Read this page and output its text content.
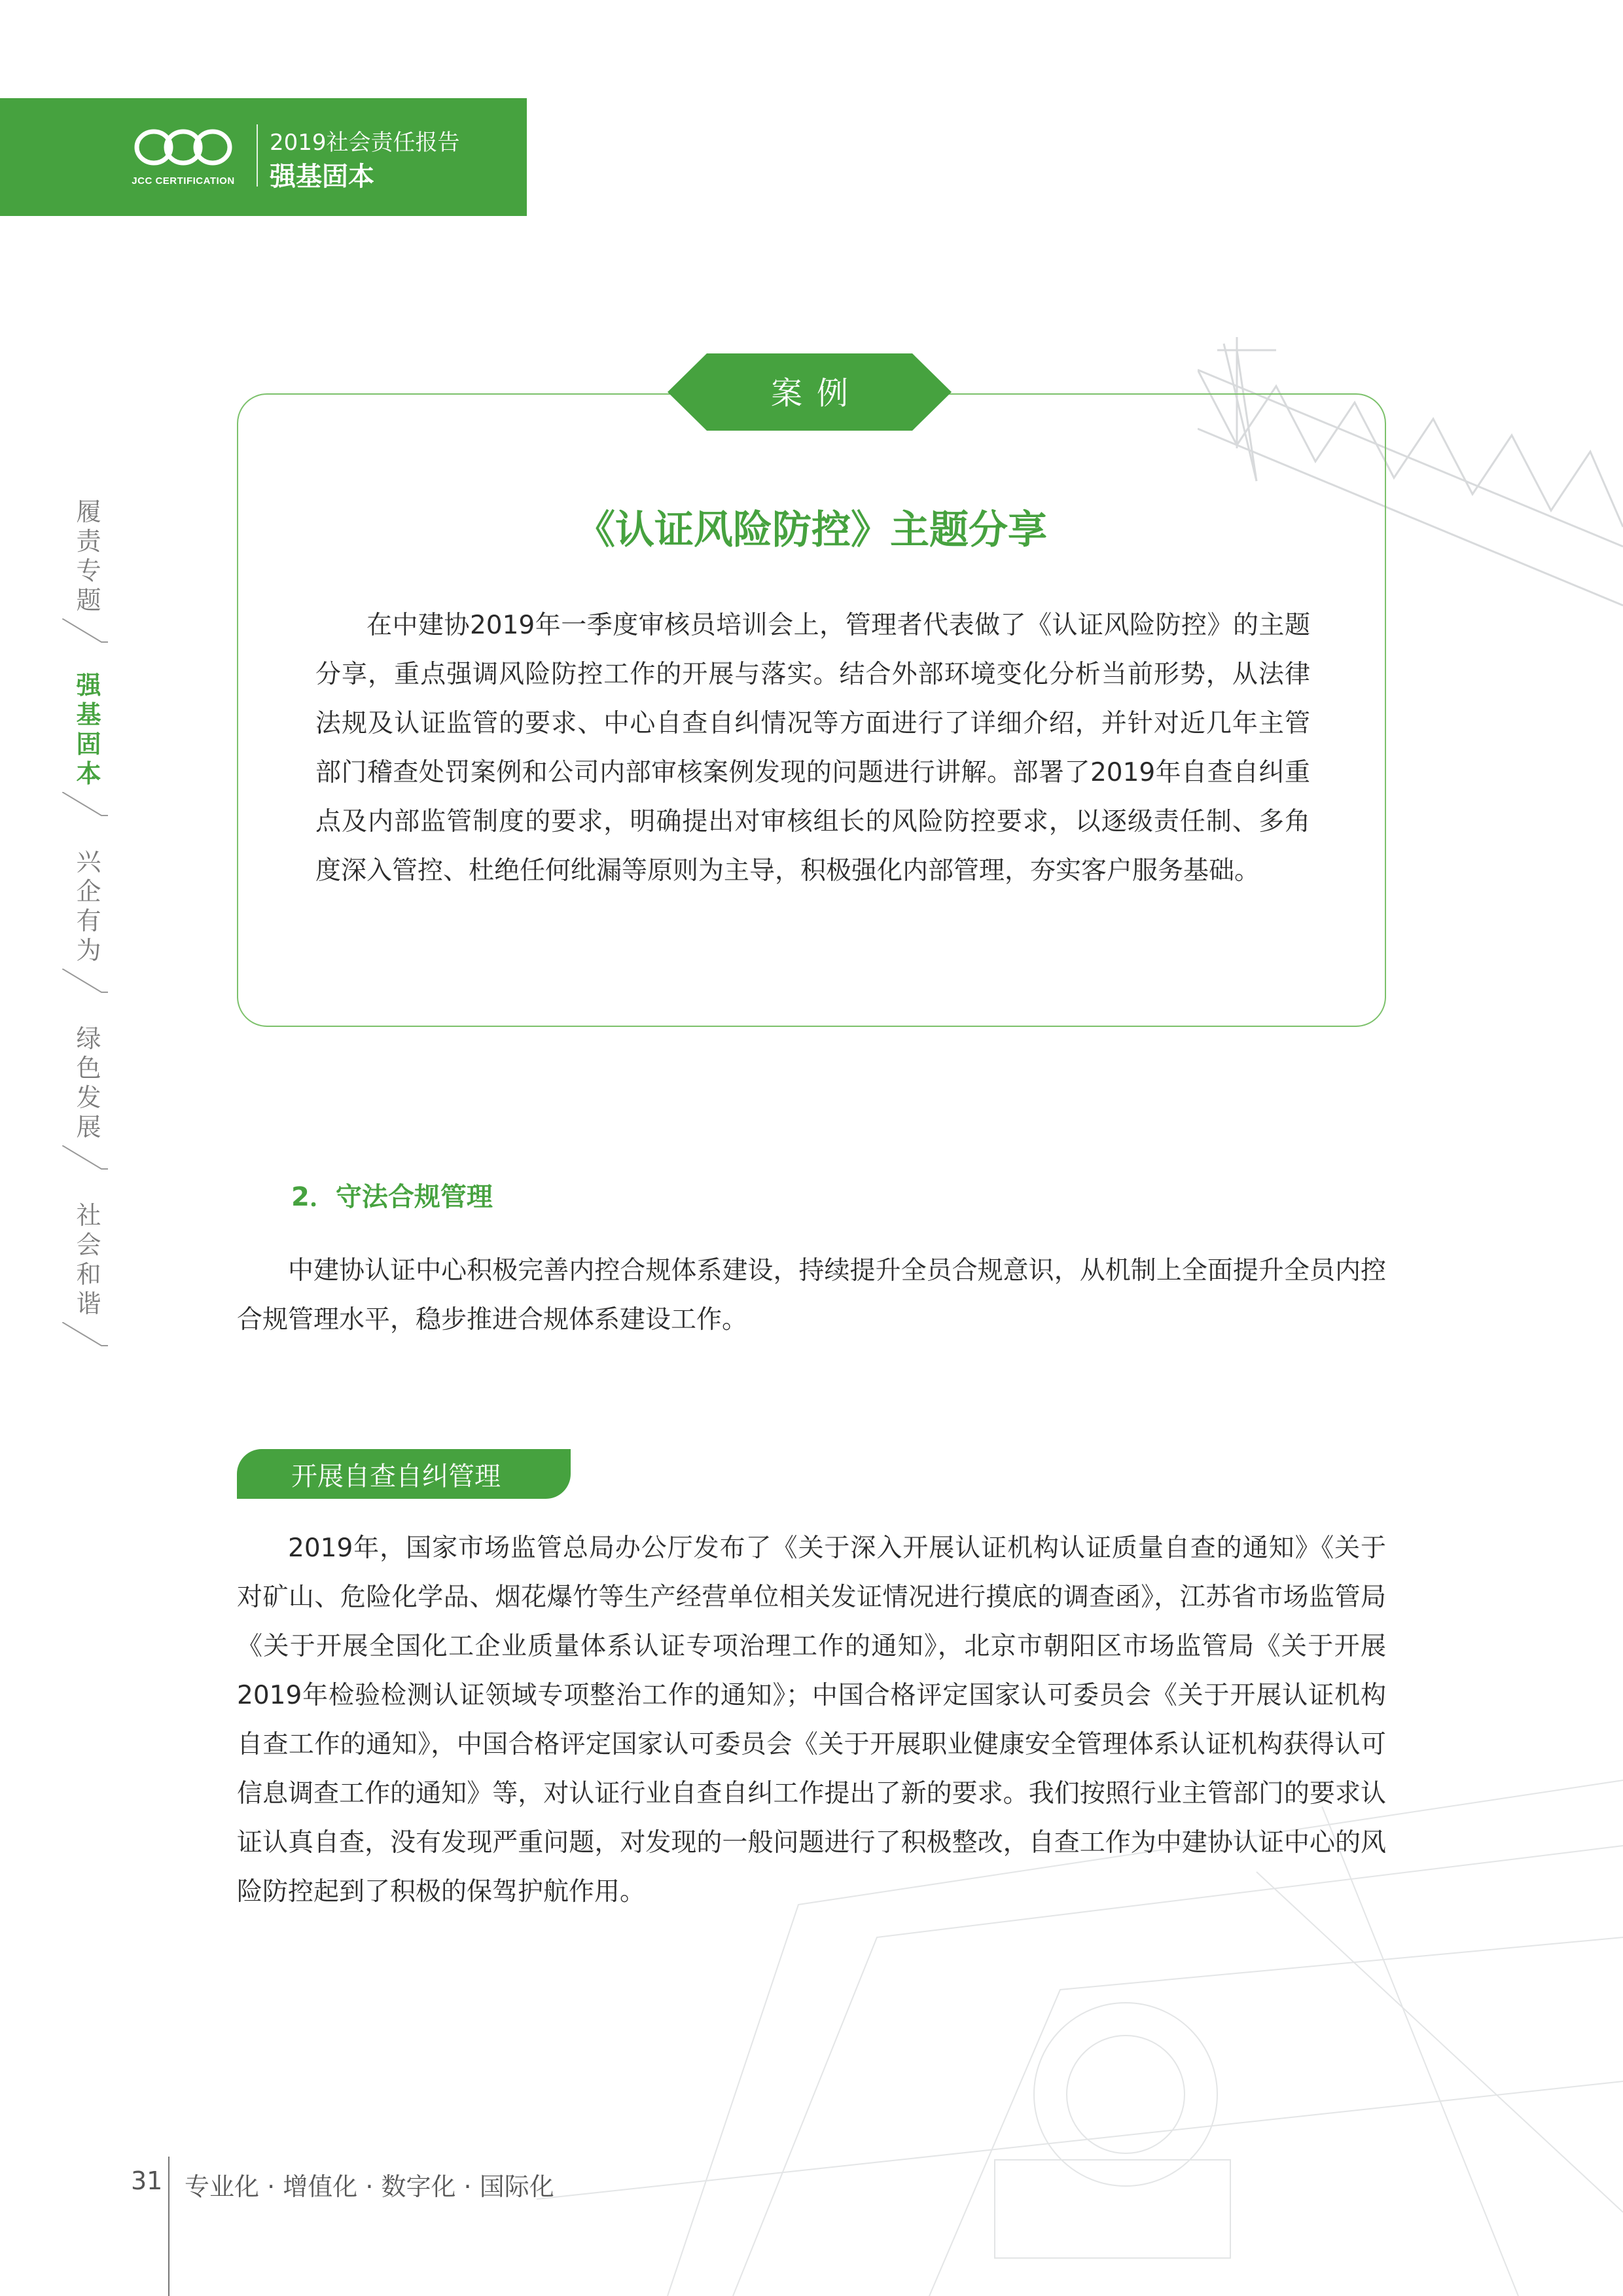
JCC CERTIFICATION
2019社会责任报告
强基固本
履责专题
强基固本
兴企有为
绿色发展
社会和谐
案例
《认证风险防控》主题分享

在中建协2019年一季度审核员培训会上，管理者代表做了《认证风险防控》的主题分享，重点强调风险防控工作的开展与落实。结合外部环境变化分析当前形势，从法律法规及认证监管的要求、中心自查自纠情况等方面进行了详细介绍，并针对近几年主管部门稽查处罚案例和公司内部审核案例发现的问题进行讲解。部署了2019年自查自纠重点及内部监管制度的要求，明确提出对审核组长的风险防控要求，以逐级责任制、多角度深入管控、杜绝任何纰漏等原则为主导，积极强化内部管理，夯实客户服务基础。

2．守法合规管理

中建协认证中心积极完善内控合规体系建设，持续提升全员合规意识，从机制上全面提升全员内控合规管理水平，稳步推进合规体系建设工作。

开展自查自纠管理

2019年，国家市场监管总局办公厅发布了《关于深入开展认证机构认证质量自查的通知》《关于对矿山、危险化学品、烟花爆竹等生产经营单位相关发证情况进行摸底的调查函》，江苏省市场监管局《关于开展全国化工企业质量体系认证专项治理工作的通知》，北京市朝阳区市场监管局《关于开展2019年检验检测认证领域专项整治工作的通知》；中国合格评定国家认可委员会《关于开展认证机构自查工作的通知》，中国合格评定国家认可委员会《关于开展职业健康安全管理体系认证机构获得认可信息调查工作的通知》等，对认证行业自查自纠工作提出了新的要求。我们按照行业主管部门的要求认证认真自查，没有发现严重问题，对发现的一般问题进行了积极整改，自查工作为中建协认证中心的风险防控起到了积极的保驾护航作用。

31 专业化 · 增值化 · 数字化 · 国际化
